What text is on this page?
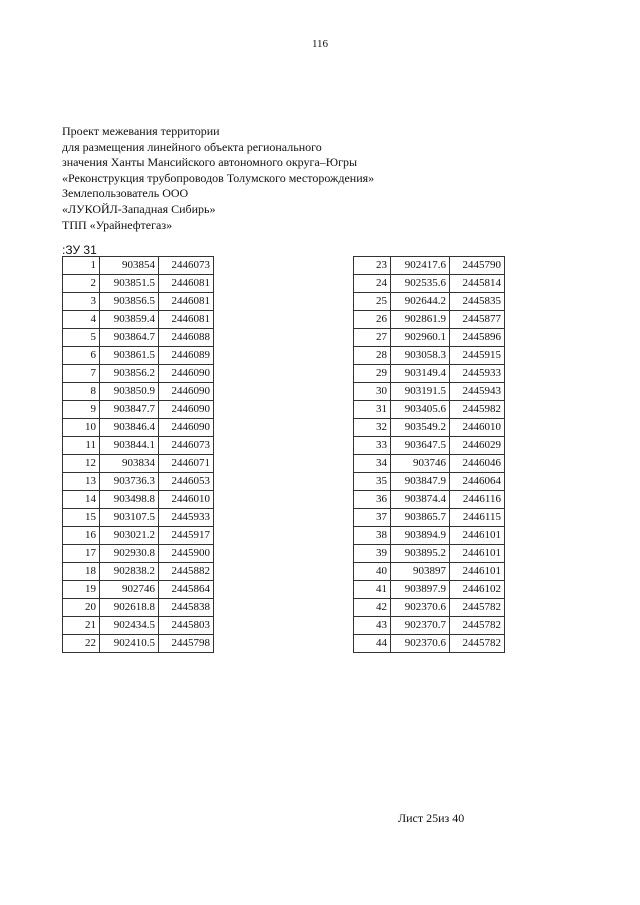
116
Проект межевания территории
для размещения линейного объекта регионального
значения Ханты Мансийского автономного округа–Югры
«Реконструкция трубопроводов Толумского месторождения»
Землепользователь ООО
«ЛУКОЙЛ-Западная Сибирь»
ТПП «Урайнефтегаз»
:ЗУ 31
1	903854	2446073
2	903851.5	2446081
3	903856.5	2446081
4	903859.4	2446081
5	903864.7	2446088
6	903861.5	2446089
7	903856.2	2446090
8	903850.9	2446090
9	903847.7	2446090
10	903846.4	2446090
11	903844.1	2446073
12	903834	2446071
13	903736.3	2446053
14	903498.8	2446010
15	903107.5	2445933
16	903021.2	2445917
17	902930.8	2445900
18	902838.2	2445882
19	902746	2445864
20	902618.8	2445838
21	902434.5	2445803
22	902410.5	2445798
23	902417.6	2445790
24	902535.6	2445814
25	902644.2	2445835
26	902861.9	2445877
27	902960.1	2445896
28	903058.3	2445915
29	903149.4	2445933
30	903191.5	2445943
31	903405.6	2445982
32	903549.2	2446010
33	903647.5	2446029
34	903746	2446046
35	903847.9	2446064
36	903874.4	2446116
37	903865.7	2446115
38	903894.9	2446101
39	903895.2	2446101
40	903897	2446101
41	903897.9	2446102
42	902370.6	2445782
43	902370.7	2445782
44	902370.6	2445782
Лист 25из 40
